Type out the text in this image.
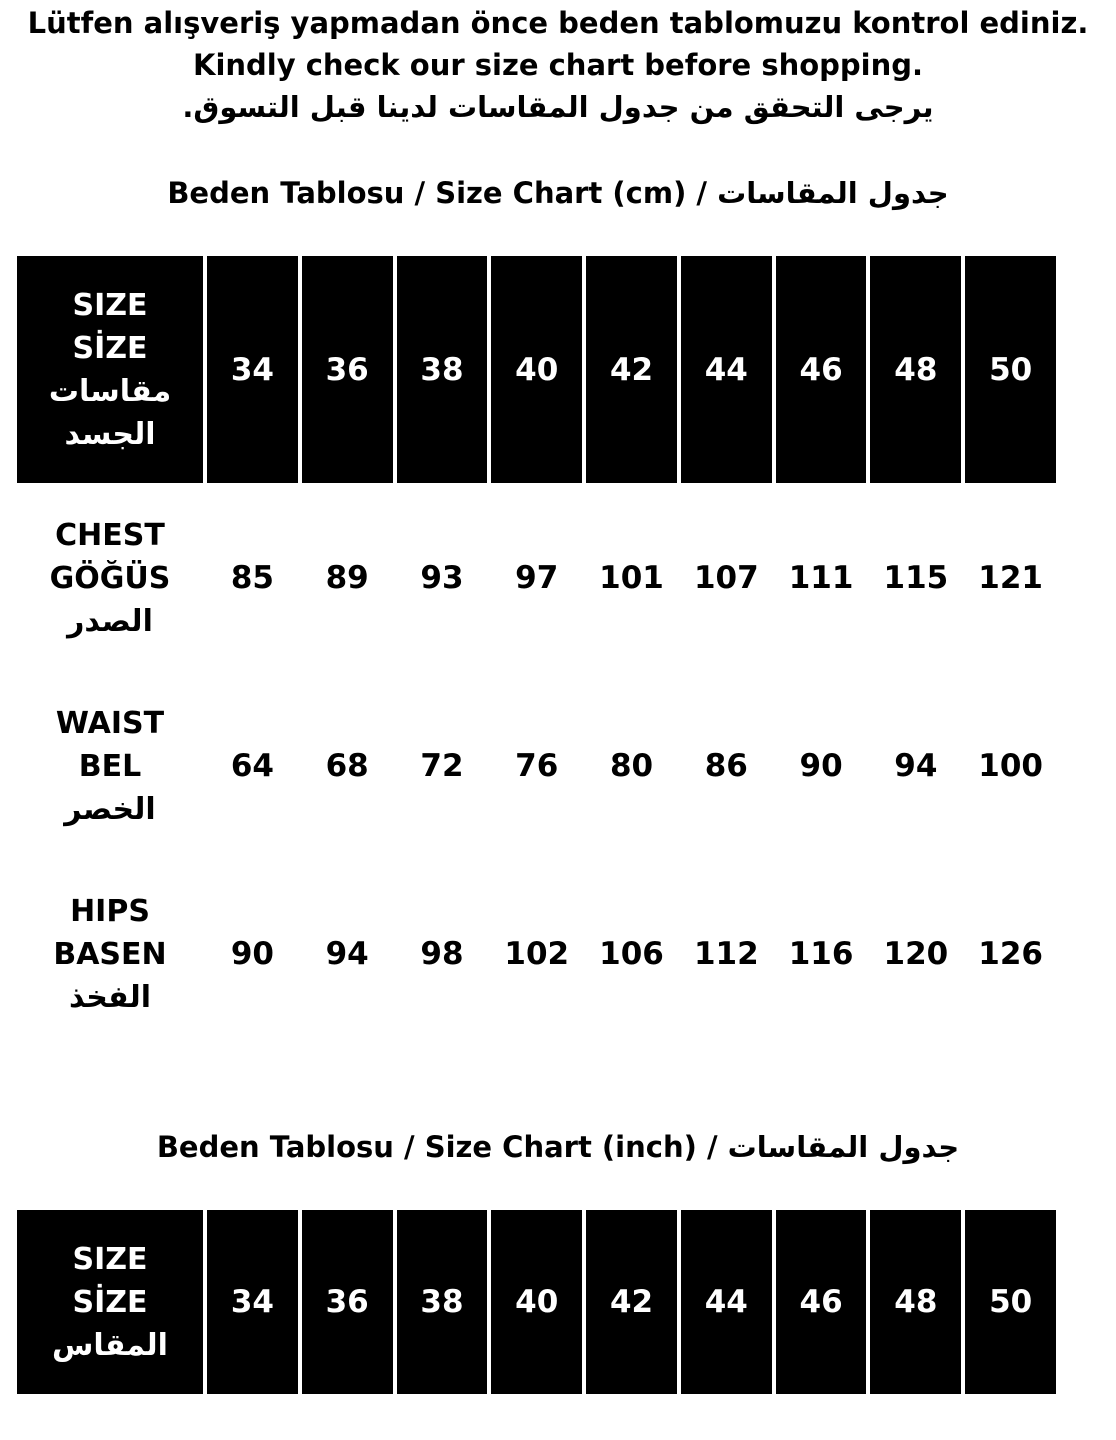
Lütfen alışveriş yapmadan önce beden tablomuzu kontrol ediniz.
Kindly check our size chart before shopping.
يرجى التحقق من جدول المقاسات لدينا قبل التسوق.
Beden Tablosu / Size Chart (cm) / جدول المقاسات
SIZE
SİZE
مقاسات
الجسد
34	36	38	40	42	44	46	48	50
CHEST
GÖĞÜS
الصدر
85	89	93	97	101 107 111 115 121
WAIST
BEL
الخصر
64	68	72	76	80	86	90	94	100
HIPS
BASEN
الفخذ
90	94	98	102 106 112 116 120 126
Beden Tablosu / Size Chart (inch) / جدول المقاسات
SIZE
SİZE
المقاس
34	36	38	40	42	44	46	48	50
